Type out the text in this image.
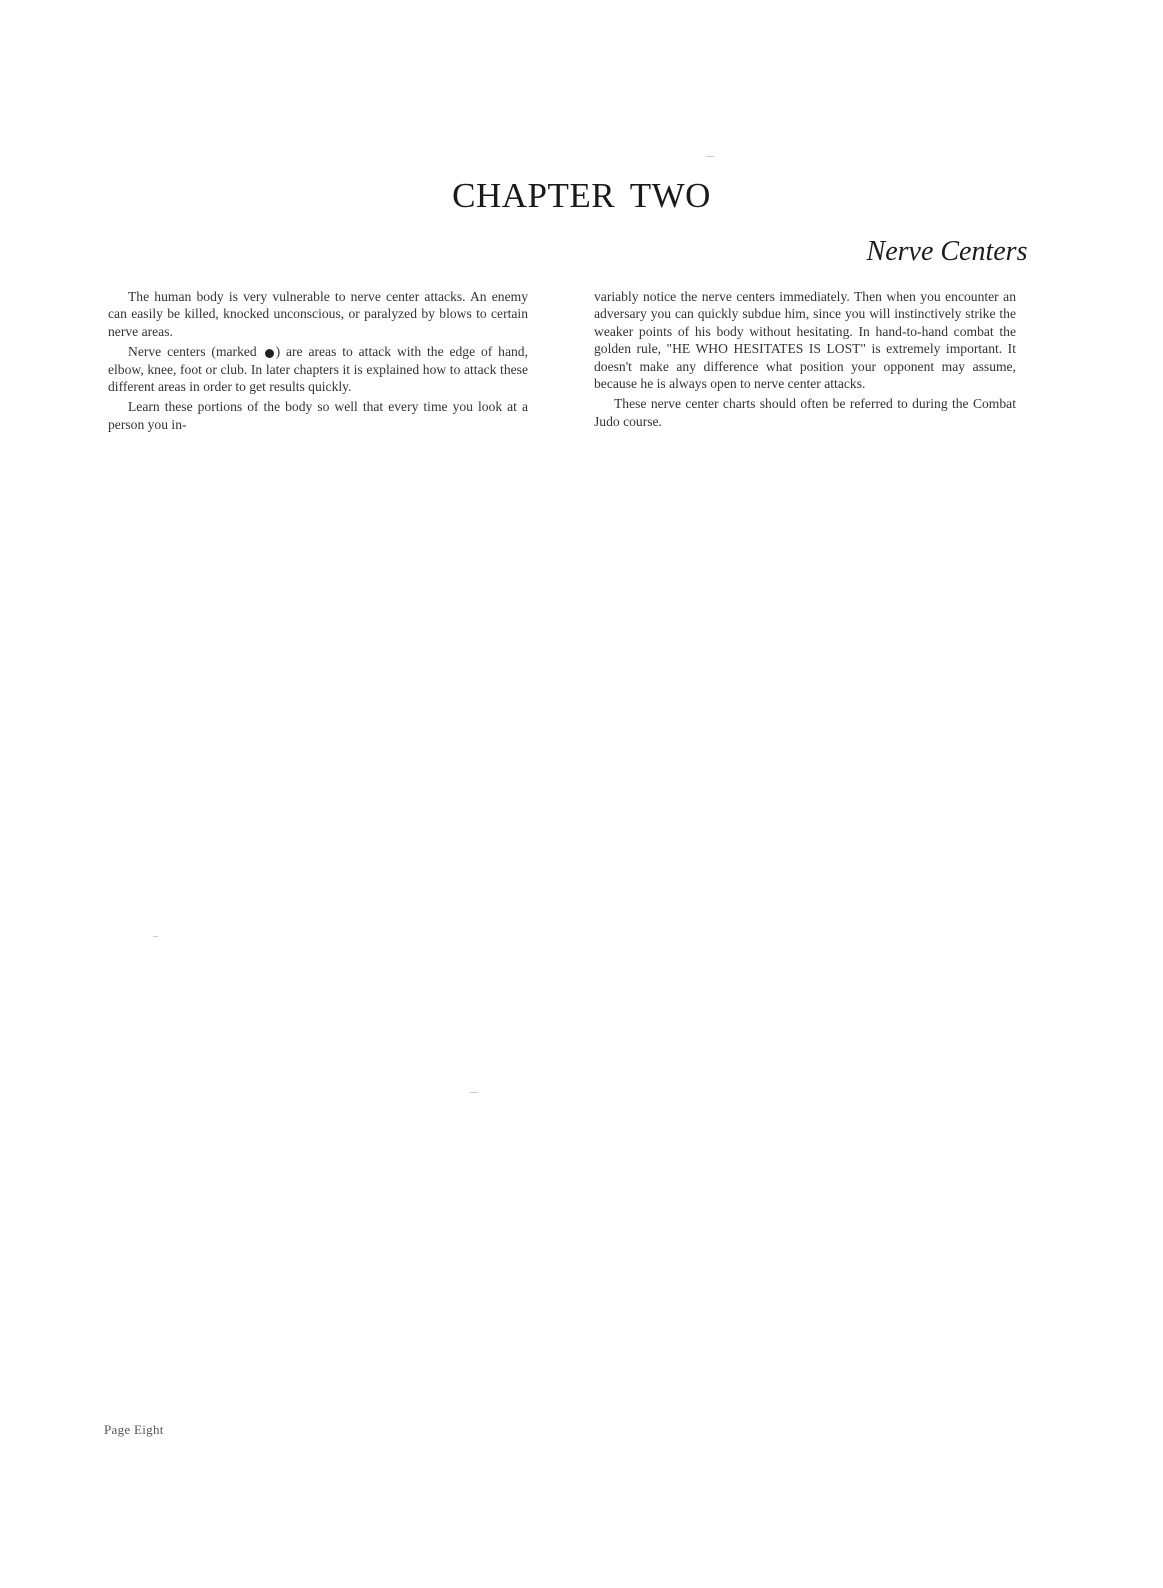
CHAPTER TWO
Nerve Centers

The human body is very vulnerable to nerve center attacks. An enemy can easily be killed, knocked unconscious, or paralyzed by blows to certain nerve areas.

Nerve centers (marked ) are areas to attack with the edge of hand, elbow, knee, foot or club. In later chapters it is explained how to attack these different areas in order to get results quickly.

Learn these portions of the body so well that every time you look at a person you in-

variably notice the nerve centers immediately. Then when you encounter an adversary you can quickly subdue him, since you will instinctively strike the weaker points of his body without hesitating. In hand-to-hand combat the golden rule, "HE WHO HESITATES IS LOST" is extremely important. It doesn't make any difference what position your opponent may assume, because he is always open to nerve center attacks.

These nerve center charts should often be referred to during the Combat Judo course.

Page Eight
